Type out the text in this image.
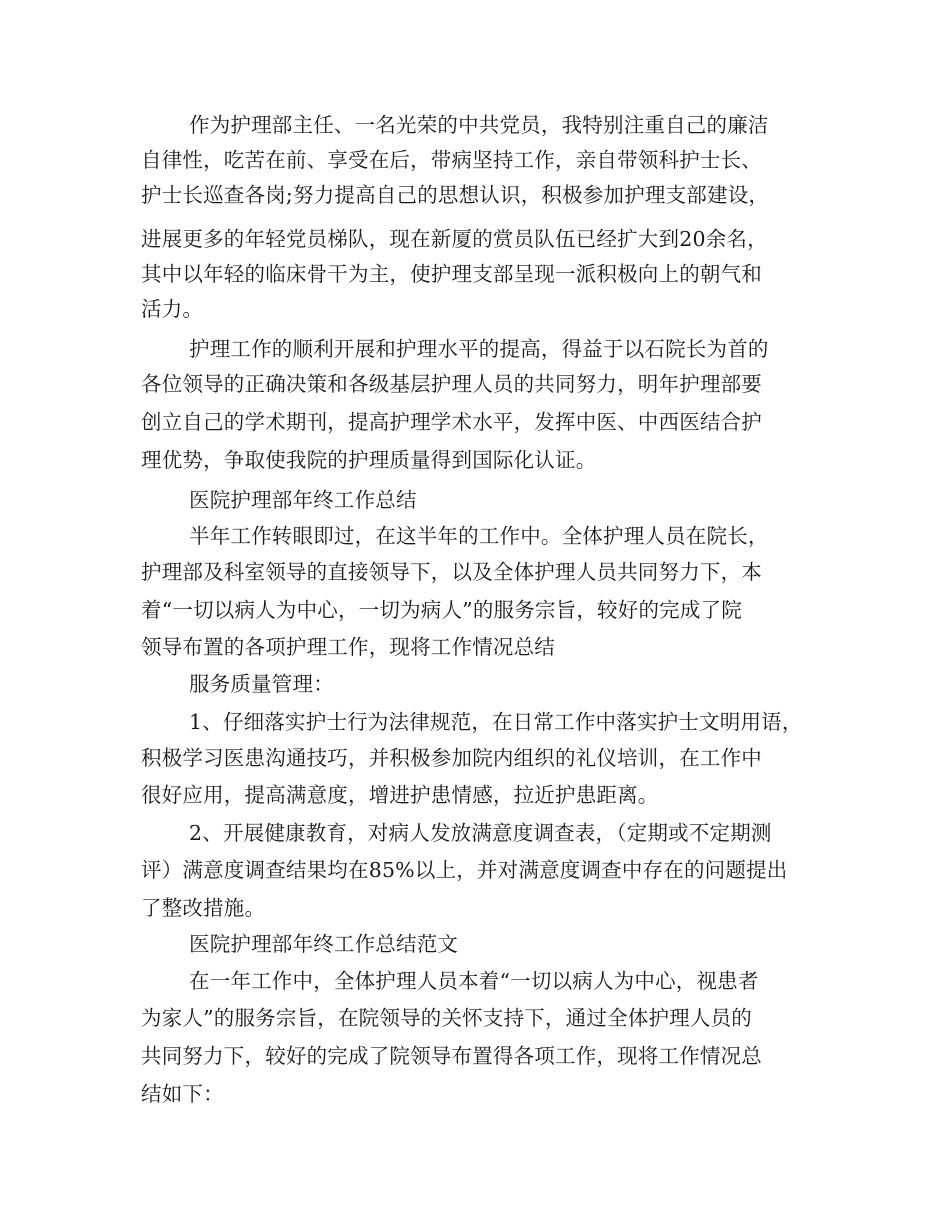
作为护理部主任、一名光荣的中共党员，我特别注重自己的廉洁
自律性，吃苦在前、享受在后，带病坚持工作，亲自带领科护士长、
护士长巡查各岗;努力提高自己的思想认识，积极参加护理支部建设，
进展更多的年轻党员梯队，现在新厦的赏员队伍已经扩大到20余名，
其中以年轻的临床骨干为主，使护理支部呈现一派积极向上的朝气和
活力。
护理工作的顺利开展和护理水平的提高，得益于以石院长为首的
各位领导的正确决策和各级基层护理人员的共同努力，明年护理部要
创立自己的学术期刊，提高护理学术水平，发挥中医、中西医结合护
理优势，争取使我院的护理质量得到国际化认证。
医院护理部年终工作总结
半年工作转眼即过，在这半年的工作中。全体护理人员在院长，
护理部及科室领导的直接领导下，以及全体护理人员共同努力下，本
着“一切以病人为中心，一切为病人”的服务宗旨，较好的完成了院
领导布置的各项护理工作，现将工作情况总结
服务质量管理：
1、仔细落实护士行为法律规范，在日常工作中落实护士文明用语，
积极学习医患沟通技巧，并积极参加院内组织的礼仪培训，在工作中
很好应用，提高满意度，增进护患情感，拉近护患距离。
2、开展健康教育，对病人发放满意度调查表，（定期或不定期测
评）满意度调查结果均在85%以上，并对满意度调查中存在的问题提出
了整改措施。
医院护理部年终工作总结范文
在一年工作中，全体护理人员本着“一切以病人为中心，视患者
为家人”的服务宗旨，在院领导的关怀支持下，通过全体护理人员的
共同努力下，较好的完成了院领导布置得各项工作，现将工作情况总
结如下：
